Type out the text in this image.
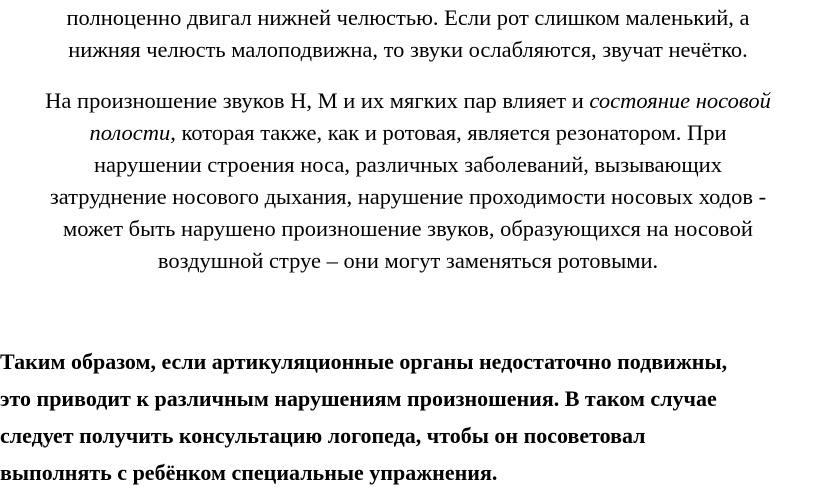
полноценно двигал нижней челюстью. Если рот слишком маленький, а
нижняя челюсть малоподвижна, то звуки ослабляются, звучат нечётко.
На произношение звуков Н, М и их мягких пар влияет и состояние носовой
полости, которая также, как и ротовая, является резонатором. При
нарушении строения носа, различных заболеваний, вызывающих
затруднение носового дыхания, нарушение проходимости носовых ходов -
может быть нарушено произношение звуков, образующихся на носовой
воздушной струе – они могут заменяться ротовыми.
Таким образом, если артикуляционные органы недостаточно подвижны,
это приводит к различным нарушениям произношения. В таком случае
следует получить консультацию логопеда, чтобы он посоветовал
выполнять с ребёнком специальные упражнения.
